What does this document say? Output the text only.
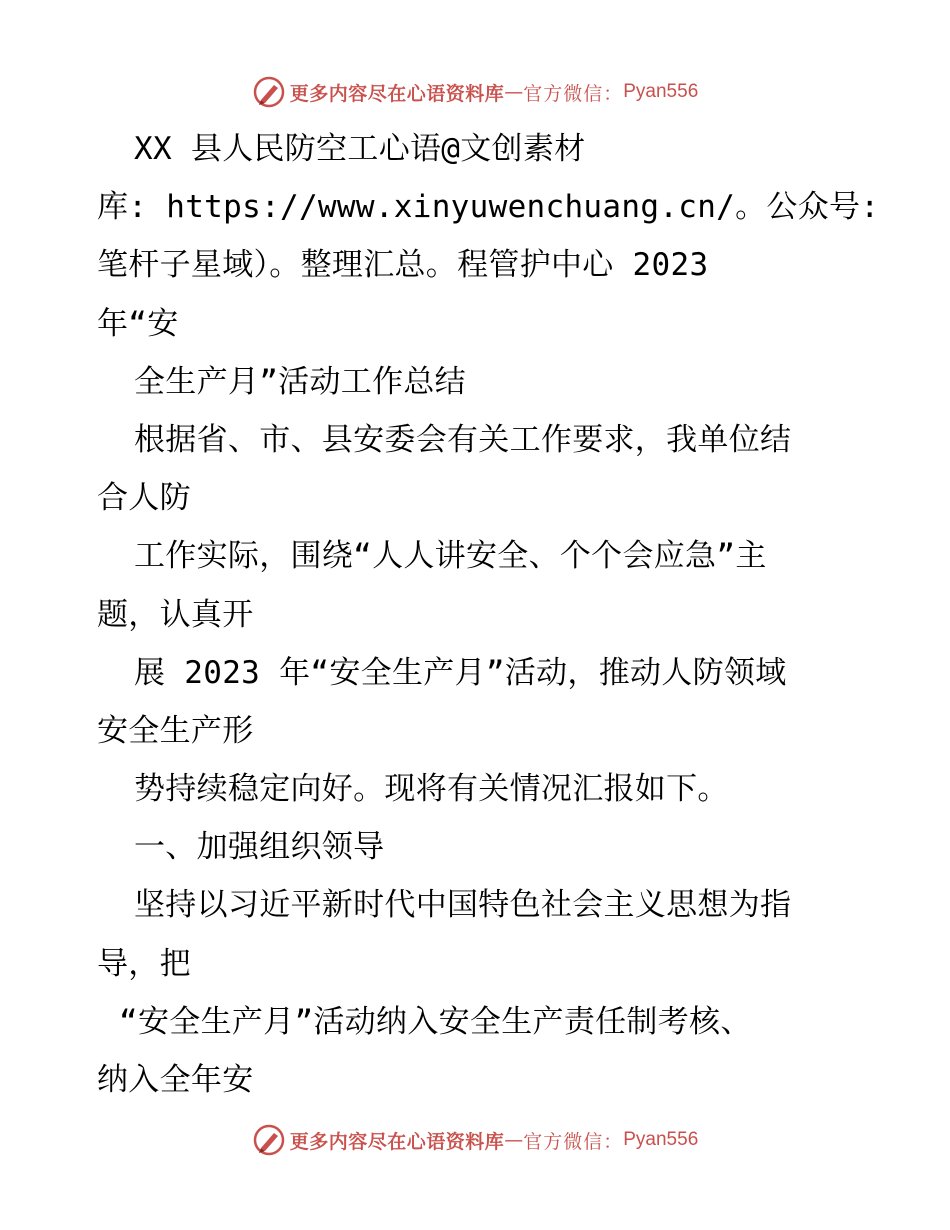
更多内容尽在心语资料库 — 官方微信： Pyan556
XX 县人民防空工心语@文创素材
库: https://www.xinyuwenchuang.cn/。公众号:
笔杆子星域）。整理汇总。程管护中心 2023
年“安
全生产月”活动工作总结
根据省、市、县安委会有关工作要求，我单位结
合人防
工作实际，围绕“人人讲安全、个个会应急”主
题，认真开
展 2023 年“安全生产月”活动，推动人防领域
安全生产形
势持续稳定向好。现将有关情况汇报如下。
一、加强组织领导
坚持以习近平新时代中国特色社会主义思想为指
导，把
“安全生产月”活动纳入安全生产责任制考核、
纳入全年安
更多内容尽在心语资料库 — 官方微信： Pyan556
